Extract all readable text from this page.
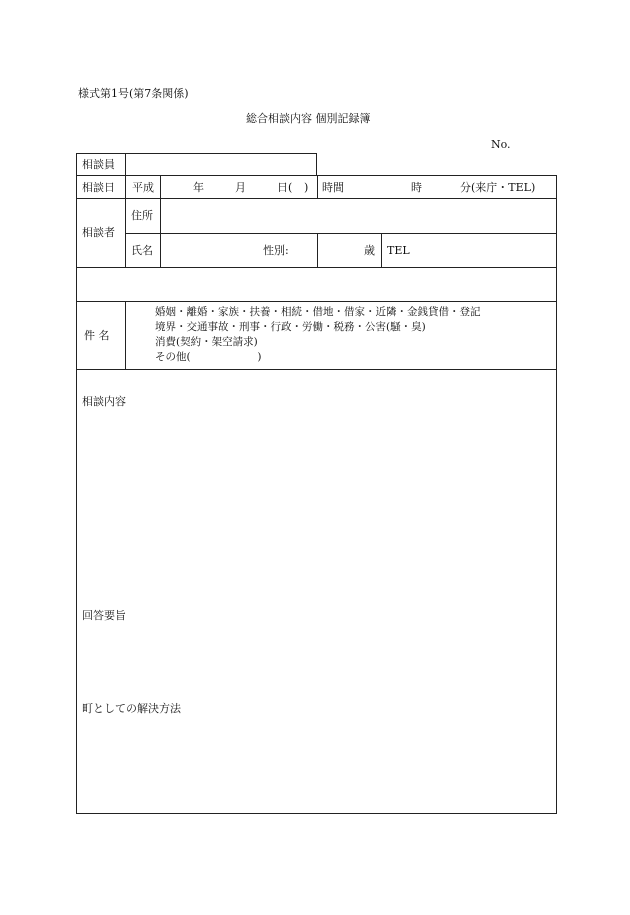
様式第1号(第7条関係)
総合相談内容 個別記録簿
No.
相談員
相談日 平成	年	月	日( ) 時間	時	分(来庁・TEL)
相談者
住所
氏名	性別:	歳 TEL
件 名
婚姻・離婚・家族・扶養・相続・借地・借家・近隣・金銭貸借・登記
境界・交通事故・刑事・行政・労働・税務・公害(騒・臭)
消費(契約・架空請求)
その他(                    )
相談内容
回答要旨
町としての解決方法
